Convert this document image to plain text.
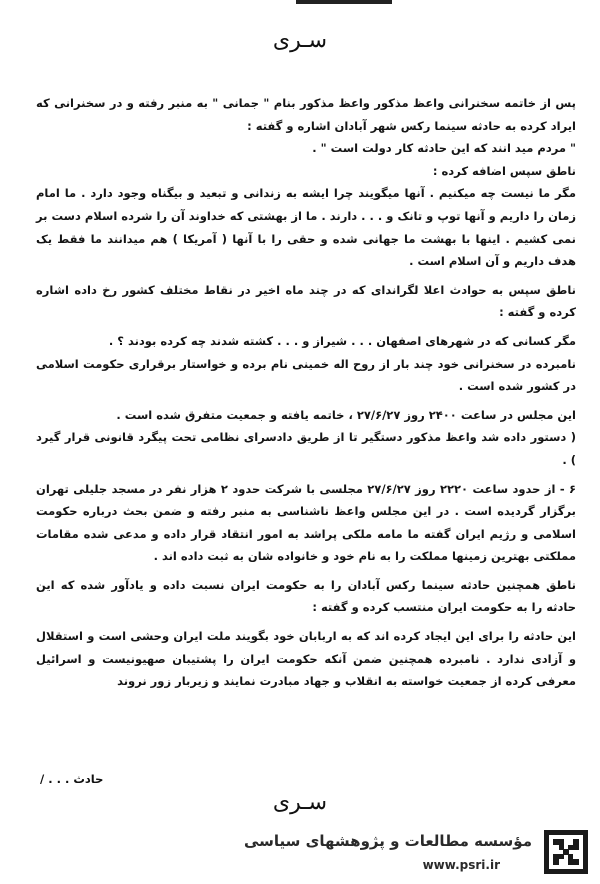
سـرى

پس از خاتمه سخنرانی واعظ مذکور واعظ مذکور بنام " جمانی " به منبر رفته و در سخنرانی که ایراد کرده به حادثه سینما رکس شهر آبادان اشاره و گفته :

" مردم مید انند که این حادثه کار دولت است " .

ناطق سپس اضافه کرده :

مگر ما نیست چه میکنیم . آنها میگویند چرا ایشه به زندانی و تبعید و بیگناه وجود دارد . ما امام زمان را داریم و آنها توپ و تانک و . . . دارند . ما از بهشتی که خداوند آن را شرده اسلام دست بر نمی کشیم . اینها با بهشت ما جهانی شده و حقی را با آنها ( آمریکا ) هم میدانند ما فقط یک هدف داریم و آن اسلام است .

ناطق سپس به حوادث اعلا لگراندای که در چند ماه اخیر در نقاط مختلف کشور رخ داده اشاره کرده و گفته :

مگر کسانی که در شهرهای اصفهان . . . شیراز و . . . کشته شدند چه کرده بودند ؟ .

نامبرده در سخنرانی خود چند بار از روح اله خمینی نام برده و خواستار برقراری حکومت اسلامی در کشور شده است .

این مجلس در ساعت ۲۴۰۰ روز ۲۷/۶/۲۷ ، خاتمه یافته و جمعیت متفرق شده است .

( دستور داده شد واعظ مذکور دستگیر تا از طریق دادسرای نظامی تحت پیگرد قانونی قرار گیرد ) .

۶ - از حدود ساعت ۲۲۲۰ روز ۲۷/۶/۲۷ مجلسی با شرکت حدود ۲ هزار نفر در مسجد جلیلی تهران برگزار گردیده است . در این مجلس واعظ ناشناسی به منبر رفته و ضمن بحث درباره حکومت اسلامی و رژیم ایران گفته ما مامه ملکی پراشد به امور انتقاد قرار داده و مدعی شده مقامات مملکتی بهترین زمینها مملکت را به نام خود و خانواده شان به ثبت داده اند .

ناطق همچنین حادثه سینما رکس آبادان را به حکومت ایران نسبت داده و یادآور شده که این حادثه را به حکومت ایران منتسب کرده و گفته :

این حادثه را برای این ایجاد کرده اند که به اربابان خود بگویند ملت ایران وحشی است و استقلال و آزادی ندارد . نامبرده همچنین ضمن آنکه حکومت ایران را پشتیبان صهیونیست و اسرائیل معرفی کرده از جمعیت خواسته به انقلاب و جهاد مبادرت نمایند و زیربار زور نروند

حادث . . . /
سـرى
مؤسسه مطالعات و پژوهشهای سیاسی
www.psri.ir
